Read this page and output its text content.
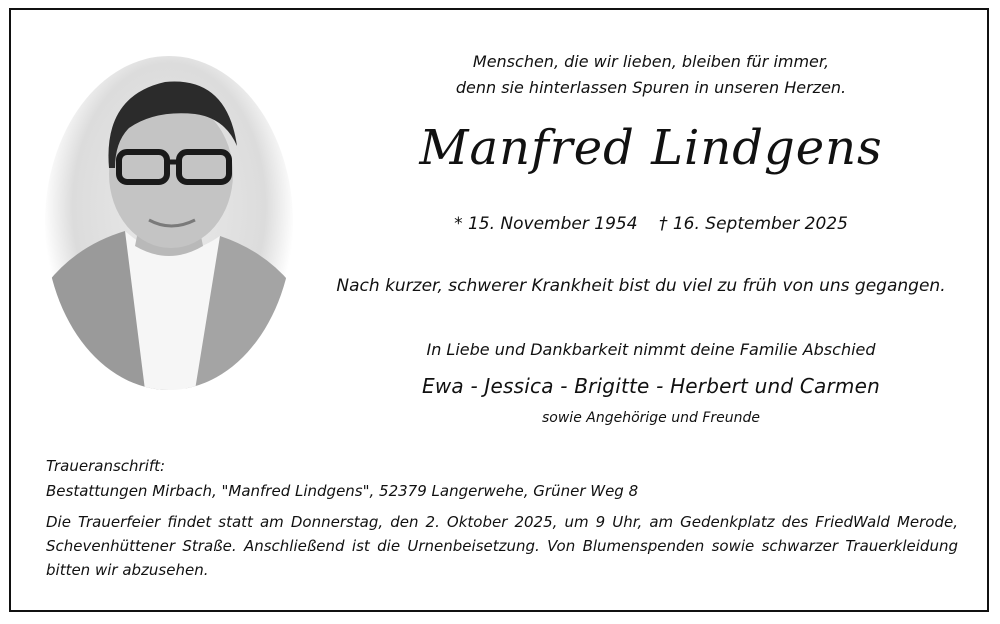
Menschen, die wir lieben, bleiben für immer,
denn sie hinterlassen Spuren in unseren Herzen.
Manfred Lindgens
* 15. November 1954 † 16. September 2025
Nach kurzer, schwerer Krankheit bist du viel zu früh von uns gegangen.
In Liebe und Dankbarkeit nimmt deine Familie Abschied
Ewa - Jessica - Brigitte - Herbert und Carmen
sowie Angehörige und Freunde
Traueranschrift:
Bestattungen Mirbach, "Manfred Lindgens", 52379 Langerwehe, Grüner Weg 8
Die Trauerfeier findet statt am Donnerstag, den 2. Oktober 2025, um 9 Uhr, am Gedenkplatz des FriedWald Merode, Schevenhüttener Straße. Anschließend ist die Urnenbeisetzung. Von Blumenspenden sowie schwarzer Trauerkleidung bitten wir abzusehen.
